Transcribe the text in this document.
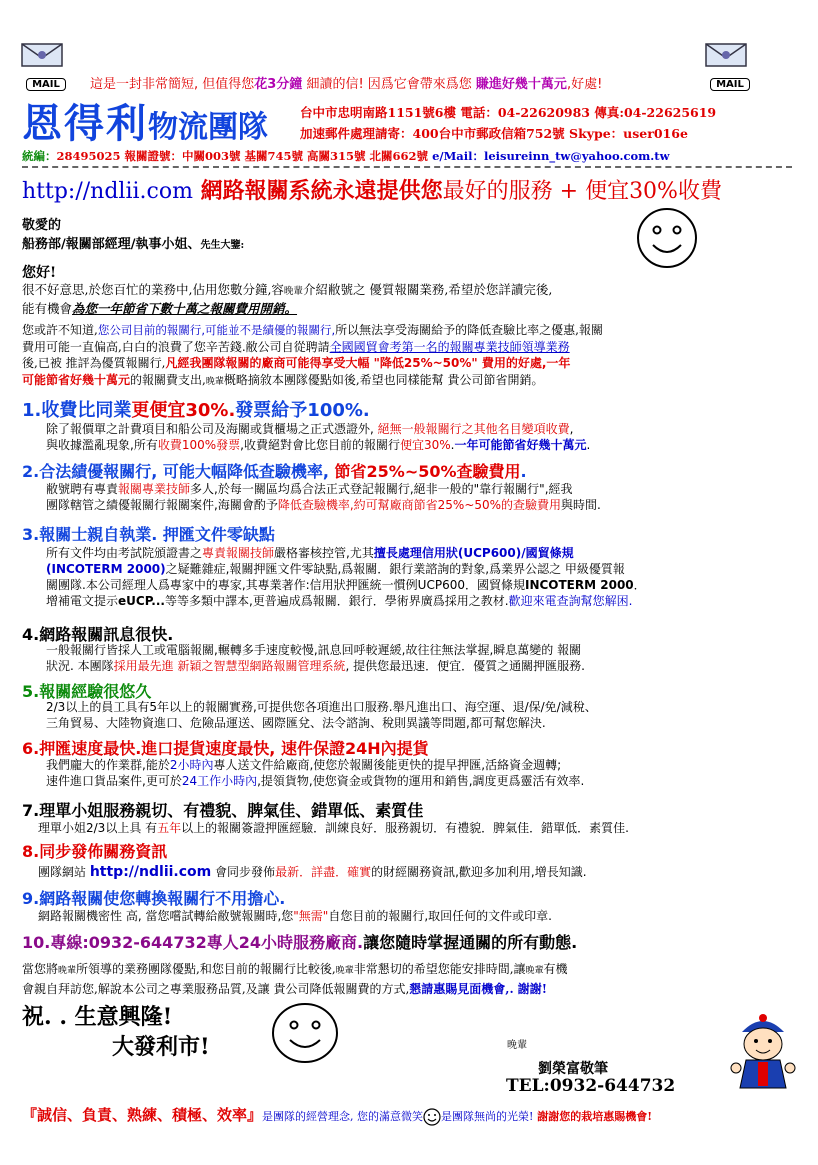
MAIL	MAIL
這是一封非常簡短, 但值得您花3分鐘 細讀的信! 因爲它會帶來爲您 賺進好幾十萬元,好處!
恩得利物流團隊	台中市忠明南路1151號6樓 電話：04-22620983 傳真:04-22625619
加速郵件處理請寄：400台中市郵政信箱752號 Skype：user016e
統編：28495025 報關證號：中關003號 基關745號 高關315號 北關662號 e/Mail：leisureinn_tw@yahoo.com.tw
http://ndlii.com 網路報關系統永遠提供您最好的服務 + 便宜30%收費
敬愛的
船務部/報關部經理/執事小姐、先生大鑒:
您好!
很不好意思,於您百忙的業務中,佔用您數分鐘,容晚輩介紹敝號之 優質報關業務,希望於您詳讀完後,
能有機會為您一年節省下數十萬之報關費用開銷。
您或許不知道,您公司目前的報關行,可能並不是績優的報關行,所以無法享受海關給予的降低查驗比率之優惠,報關
費用可能一直偏高,白白的浪費了您辛苦錢.敝公司自從聘請全國國貿會考第一名的報關專業技師領導業務
後,已被 推評為優質報關行,凡經我團隊報關的廠商可能得享受大幅 "降低25%~50%" 費用的好處,一年
可能節省好幾十萬元的報關費支出,晚輩概略摘敘本團隊優點如後,希望也同樣能幫 貴公司節省開銷。
1.收費比同業更便宜30%.發票給予100%.
除了報價單之計費項目和船公司及海關或貨櫃場之正式憑證外, 絕無一般報關行之其他名目變項收費,
與收據濫亂現象,所有收費100%發票,收費絕對會比您目前的報關行便宜30%.一年可能節省好幾十萬元.
2.合法績優報關行, 可能大幅降低查驗機率, 節省25%~50%查驗費用.
敝號聘有專責報關專業技師多人,於每一關區均爲合法正式登記報關行,絕非一般的"靠行報關行",經我
團隊轄管之績優報關行報關案件,海關會酌予降低查驗機率,約可幫廠商節省25%~50%的查驗費用與時間.
3.報關士親自執業. 押匯文件零缺點
所有文件均由考試院頒證書之專責報關技師嚴格審核控管,尤其擅長處理信用狀(UCP600)/國貿條規
(INCOTERM 2000)之疑難雜症,報關押匯文件零缺點,爲報關．銀行業諮詢的對象,爲業界公認之 甲級優質報
關團隊.本公司經理人爲專家中的專家,其專業著作:信用狀押匯統一慣例UCP600．國貿條規INCOTERM 2000．
增補電文提示eUCP...等等多類中譯本,更普遍成爲報關．銀行．學術界廣爲採用之教材.歡迎來電查詢幫您解困.
4.網路報關訊息很快.
一般報關行皆採人工或電腦報關,輾轉多手速度較慢,訊息回呼較遲緩,故往往無法掌握,瞬息萬變的 報關
狀況. 本團隊採用最先進 新穎之智慧型網路報關管理系統, 提供您最迅速．便宜．優質之通關押匯服務.
5.報關經驗很悠久
2/3以上的員工具有5年以上的報關實務,可提供您各項進出口服務.舉凡進出口、海空運、退/保/免/減稅、
三角貿易、大陸物資進口、危險品運送、國際匯兌、法令諮詢、稅則異議等問題,都可幫您解決.
6.押匯速度最快.進口提貨速度最快, 速件保證24H內提貨
我們龐大的作業群,能於2小時內專人送文件給廠商,使您於報關後能更快的提早押匯,活絡資金週轉;
速件進口貨品案件,更可於24工作小時內,提領貨物,使您資金或貨物的運用和銷售,調度更爲靈活有效率.
7.理單小姐服務親切、有禮貌、脾氣佳、錯單低、素質佳
理單小姐2/3以上具 有五年以上的報關簽證押匯經驗．訓練良好．服務親切．有禮貌．脾氣佳．錯單低．素質佳.
8.同步發佈關務資訊
團隊網站 http://ndlii.com 會同步發佈最新．詳盡．確實的財經關務資訊,歡迎多加利用,增長知識.
9.網路報關使您轉換報關行不用擔心.
網路報關機密性 高, 當您嚐試轉給敝號報關時,您"無需"自您目前的報關行,取回任何的文件或印章.
10.專線:0932-644732專人24小時服務廠商.讓您隨時掌握通關的所有動態.
當您將晚輩所領導的業務團隊優點,和您目前的報關行比較後,晚輩非常懇切的希望您能安排時間,讓晚輩有機
會親自拜訪您,解說本公司之專業服務品質,及讓 貴公司降低報關費的方式,懇請惠賜見面機會,. 謝謝!
祝. . 生意興隆!
大發利市!	晚輩
劉榮富敬筆
TEL:0932-644732
『誠信、負責、熟練、積極、效率』是團隊的經營理念, 您的滿意微笑 是團隊無尚的光榮! 謝謝您的栽培惠賜機會!
